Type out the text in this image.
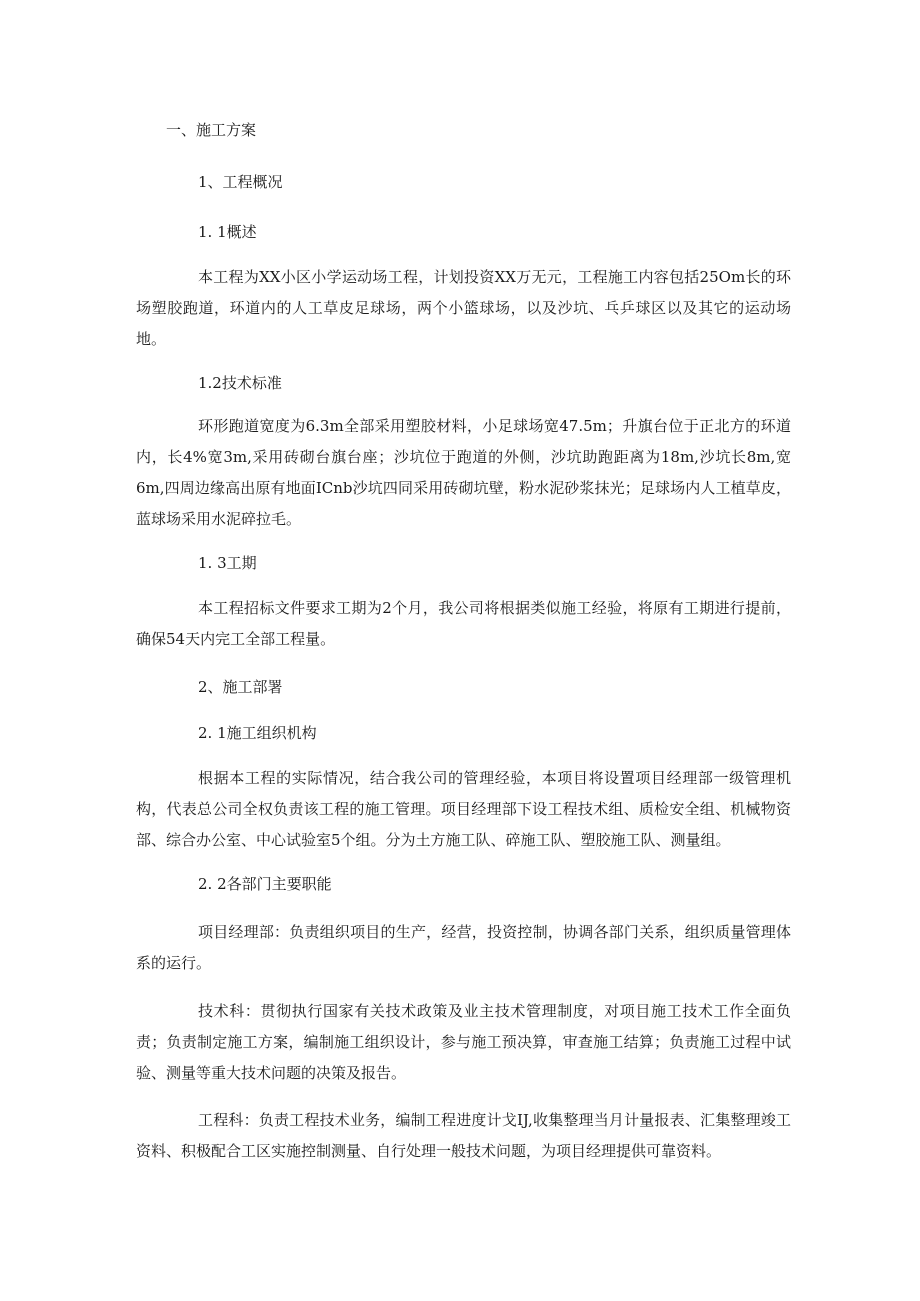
一、施工方案
1、工程概况
1. 1概述
本工程为XX小区小学运动场工程，计划投资XX万无元，工程施工内容包括25Om长的环场塑胶跑道，环道内的人工草皮足球场，两个小篮球场，以及沙坑、乓乒球区以及其它的运动场地。
1.2技术标准
环形跑道宽度为6.3m全部采用塑胶材料，小足球场宽47.5m；升旗台位于正北方的环道内，长4%宽3m,采用砖砌台旗台座；沙坑位于跑道的外侧，沙坑助跑距离为18m,沙坑长8m,宽6m,四周边缘高出原有地面ICnb沙坑四同采用砖砌坑壁，粉水泥砂浆抹光；足球场内人工植草皮，蓝球场采用水泥碎拉毛。
1. 3工期
本工程招标文件要求工期为2个月，我公司将根据类似施工经验，将原有工期进行提前，确保54天内完工全部工程量。
2、施工部署
2. 1施工组织机构
根据本工程的实际情况，结合我公司的管理经验，本项目将设置项目经理部一级管理机构，代表总公司全权负责该工程的施工管理。项目经理部下设工程技术组、质检安全组、机械物资部、综合办公室、中心试验室5个组。分为土方施工队、碎施工队、塑胶施工队、测量组。
2. 2各部门主要职能
项目经理部：负责组织项目的生产，经营，投资控制，协调各部门关系，组织质量管理体系的运行。
技术科：贯彻执行国家有关技术政策及业主技术管理制度，对项目施工技术工作全面负责；负责制定施工方案，编制施工组织设计，参与施工预决算，审查施工结算；负责施工过程中试验、测量等重大技术问题的决策及报告。
工程科：负责工程技术业务，编制工程进度计戈IJ,收集整理当月计量报表、汇集整理竣工资料、积极配合工区实施控制测量、自行处理一般技术问题，为项目经理提供可靠资料。
